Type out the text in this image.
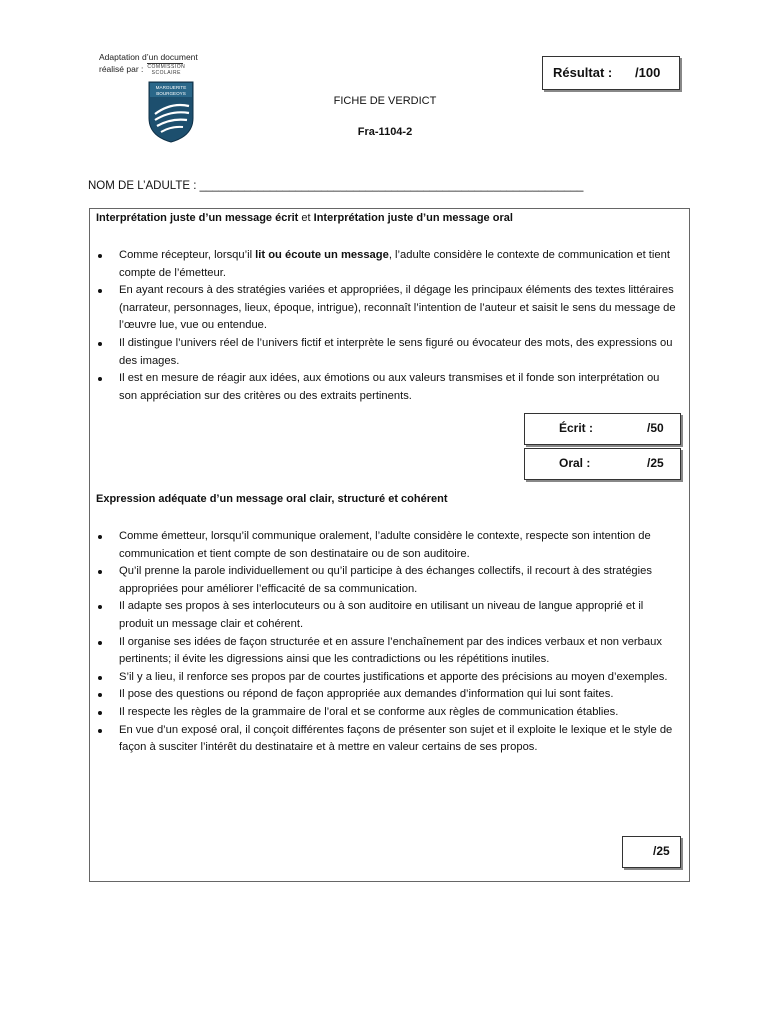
Adaptation d’un document
réalisé par : COMMISSION
SCOLAIRE
MARGUERITE
BOURGEOYS
Résultat : /100
FICHE DE VERDICT
Fra-1104-2
NOM DE L’ADULTE : ____________________________________________________________
Interprétation juste d’un message écrit et Interprétation juste d’un message oral
Comme récepteur, lorsqu’il lit ou écoute un message, l’adulte considère le contexte de communication et tient compte de l’émetteur.
En ayant recours à des stratégies variées et appropriées, il dégage les principaux éléments des textes littéraires (narrateur, personnages, lieux, époque, intrigue), reconnaît l’intention de l’auteur et saisit le sens du message de l’œuvre lue, vue ou entendue.
Il distingue l’univers réel de l’univers fictif et interprète le sens figuré ou évocateur des mots, des expressions ou des images.
Il est en mesure de réagir aux idées, aux émotions ou aux valeurs transmises et il fonde son interprétation ou son appréciation sur des critères ou des extraits pertinents.
Écrit :	/50
Oral :	/25
Expression adéquate d’un message oral clair, structuré et cohérent
Comme émetteur, lorsqu’il communique oralement, l’adulte considère le contexte, respecte son intention de communication et tient compte de son destinataire ou de son auditoire.
Qu’il prenne la parole individuellement ou qu’il participe à des échanges collectifs, il recourt à des stratégies appropriées pour améliorer l’efficacité de sa communication.
Il adapte ses propos à ses interlocuteurs ou à son auditoire en utilisant un niveau de langue approprié et il produit un message clair et cohérent.
Il organise ses idées de façon structurée et en assure l’enchaînement par des indices verbaux et non verbaux pertinents; il évite les digressions ainsi que les contradictions ou les répétitions inutiles.
S’il y a lieu, il renforce ses propos par de courtes justifications et apporte des précisions au moyen d’exemples.
Il pose des questions ou répond de façon appropriée aux demandes d’information qui lui sont faites.
Il respecte les règles de la grammaire de l’oral et se conforme aux règles de communication établies.
En vue d’un exposé oral, il conçoit différentes façons de présenter son sujet et il exploite le lexique et le style de façon à susciter l’intérêt du destinataire et à mettre en valeur certains de ses propos.
/25
